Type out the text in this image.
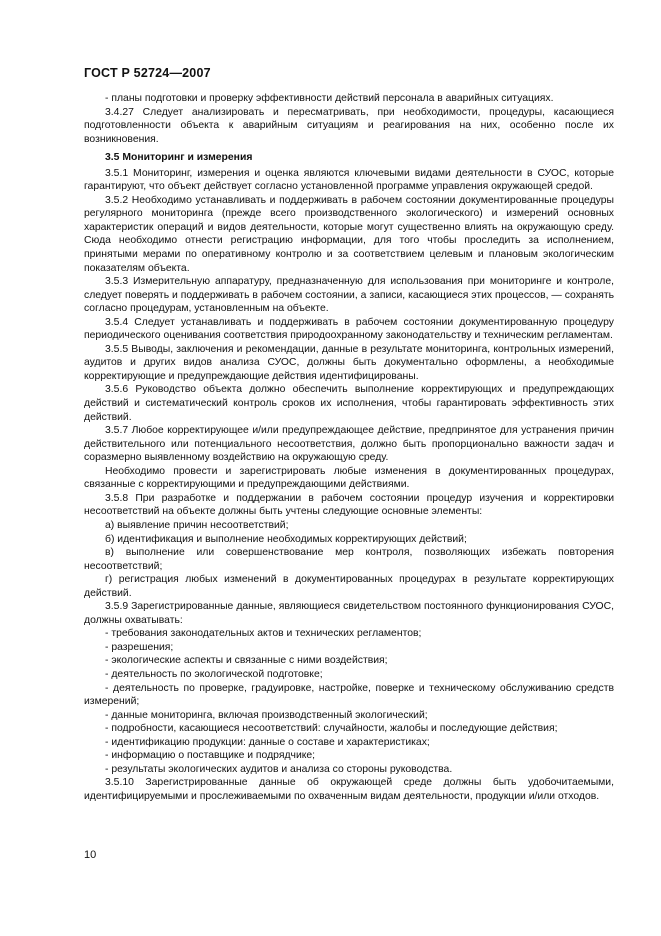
ГОСТ Р 52724—2007

- планы подготовки и проверку эффективности действий персонала в аварийных ситуациях.

3.4.27 Следует анализировать и пересматривать, при необходимости, процедуры, касающиеся подготовленности объекта к аварийным ситуациям и реагирования на них, особенно после их возникновения.

3.5 Мониторинг и измерения

3.5.1 Мониторинг, измерения и оценка являются ключевыми видами деятельности в СУОС, которые гарантируют, что объект действует согласно установленной программе управления окружающей средой.

3.5.2 Необходимо устанавливать и поддерживать в рабочем состоянии документированные процедуры регулярного мониторинга (прежде всего производственного экологического) и измерений основных характеристик операций и видов деятельности, которые могут существенно влиять на окружающую среду. Сюда необходимо отнести регистрацию информации, для того чтобы проследить за исполнением, принятыми мерами по оперативному контролю и за соответствием целевым и плановым экологическим показателям объекта.

3.5.3 Измерительную аппаратуру, предназначенную для использования при мониторинге и контроле, следует поверять и поддерживать в рабочем состоянии, а записи, касающиеся этих процессов, — сохранять согласно процедурам, установленным на объекте.

3.5.4 Следует устанавливать и поддерживать в рабочем состоянии документированную процедуру периодического оценивания соответствия природоохранному законодательству и техническим регламентам.

3.5.5 Выводы, заключения и рекомендации, данные в результате мониторинга, контрольных измерений, аудитов и других видов анализа СУОС, должны быть документально оформлены, а необходимые корректирующие и предупреждающие действия идентифицированы.

3.5.6 Руководство объекта должно обеспечить выполнение корректирующих и предупреждающих действий и систематический контроль сроков их исполнения, чтобы гарантировать эффективность этих действий.

3.5.7 Любое корректирующее и/или предупреждающее действие, предпринятое для устранения причин действительного или потенциального несоответствия, должно быть пропорционально важности задач и соразмерно выявленному воздействию на окружающую среду.

Необходимо провести и зарегистрировать любые изменения в документированных процедурах, связанные с корректирующими и предупреждающими действиями.

3.5.8 При разработке и поддержании в рабочем состоянии процедур изучения и корректировки несоответствий на объекте должны быть учтены следующие основные элементы:

а) выявление причин несоответствий;

б) идентификация и выполнение необходимых корректирующих действий;

в) выполнение или совершенствование мер контроля, позволяющих избежать повторения несоответствий;

г) регистрация любых изменений в документированных процедурах в результате корректирующих действий.

3.5.9 Зарегистрированные данные, являющиеся свидетельством постоянного функционирования СУОС, должны охватывать:

- требования законодательных актов и технических регламентов;

- разрешения;

- экологические аспекты и связанные с ними воздействия;

- деятельность по экологической подготовке;

- деятельность по проверке, градуировке, настройке, поверке и техническому обслуживанию средств измерений;

- данные мониторинга, включая производственный экологический;

- подробности, касающиеся несоответствий: случайности, жалобы и последующие действия;

- идентификацию продукции: данные о составе и характеристиках;

- информацию о поставщике и подрядчике;

- результаты экологических аудитов и анализа со стороны руководства.

3.5.10 Зарегистрированные данные об окружающей среде должны быть удобочитаемыми, идентифицируемыми и прослеживаемыми по охваченным видам деятельности, продукции и/или отходов.

10
